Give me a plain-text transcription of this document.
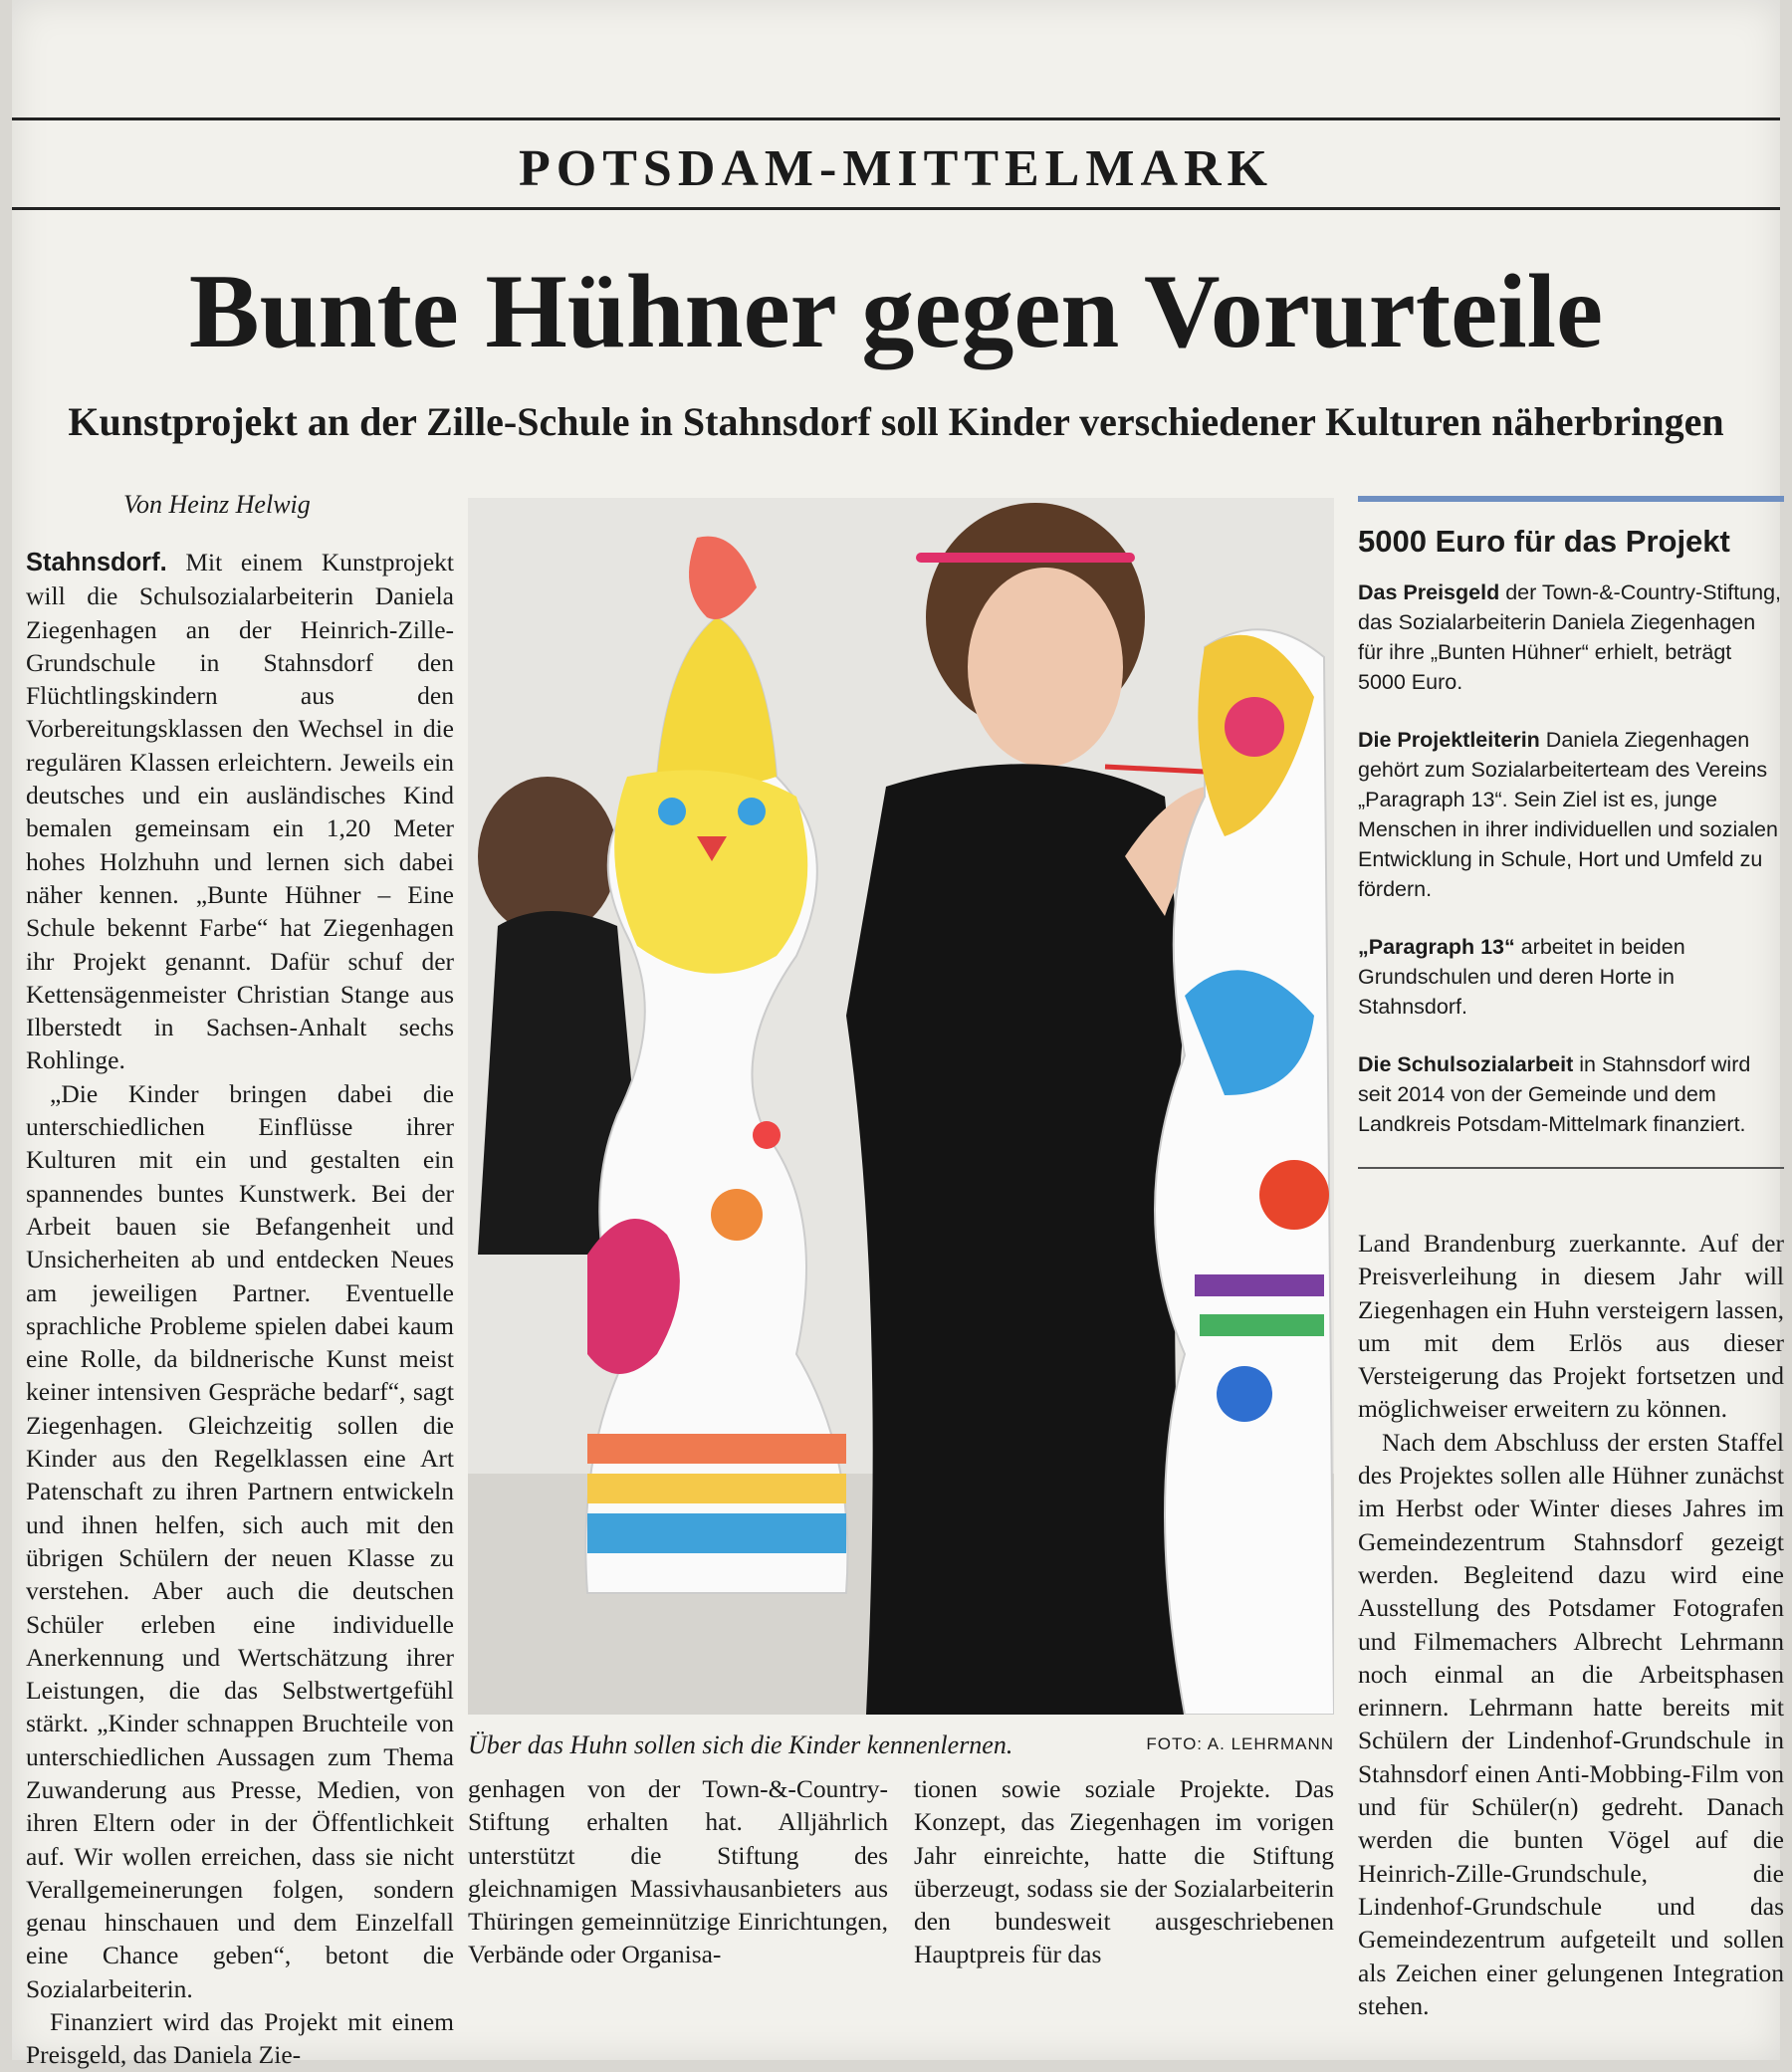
POTSDAM-MITTELMARK
Bunte Hühner gegen Vorurteile
Kunstprojekt an der Zille-Schule in Stahnsdorf soll Kinder verschiedener Kulturen näherbringen
Von Heinz Helwig

Stahnsdorf. Mit einem Kunstprojekt will die Schulsozialarbeiterin Daniela Ziegenhagen an der Heinrich-Zille-Grundschule in Stahnsdorf den Flüchtlingskindern aus den Vorbereitungsklassen den Wechsel in die regulären Klassen erleichtern. Jeweils ein deutsches und ein ausländisches Kind bemalen gemeinsam ein 1,20 Meter hohes Holzhuhn und lernen sich dabei näher kennen. „Bunte Hühner – Eine Schule bekennt Farbe“ hat Ziegenhagen ihr Projekt genannt. Dafür schuf der Kettensägenmeister Christian Stange aus Ilberstedt in Sachsen-Anhalt sechs Rohlinge.

„Die Kinder bringen dabei die unterschiedlichen Einflüsse ihrer Kulturen mit ein und gestalten ein spannendes buntes Kunstwerk. Bei der Arbeit bauen sie Befangenheit und Unsicherheiten ab und entdecken Neues am jeweiligen Partner. Eventuelle sprachliche Probleme spielen dabei kaum eine Rolle, da bildnerische Kunst meist keiner intensiven Gespräche bedarf“, sagt Ziegenhagen. Gleichzeitig sollen die Kinder aus den Regelklassen eine Art Patenschaft zu ihren Partnern entwickeln und ihnen helfen, sich auch mit den übrigen Schülern der neuen Klasse zu verstehen. Aber auch die deutschen Schüler erleben eine individuelle Anerkennung und Wertschätzung ihrer Leistungen, die das Selbstwertgefühl stärkt. „Kinder schnappen Bruchteile von unterschiedlichen Aussagen zum Thema Zuwanderung aus Presse, Medien, von ihren Eltern oder in der Öffentlichkeit auf. Wir wollen erreichen, dass sie nicht Verallgemeinerungen folgen, sondern genau hinschauen und dem Einzelfall eine Chance geben“, betont die Sozialarbeiterin.

Finanziert wird das Projekt mit einem Preisgeld, das Daniela Zie-

Über das Huhn sollen sich die Kinder kennenlernen.	FOTO: A. LEHRMANN

genhagen von der Town-&-Country-Stiftung erhalten hat. Alljährlich unterstützt die Stiftung des gleichnamigen Massivhausanbieters aus Thüringen gemeinnützige Einrichtungen, Verbände oder Organisa-

tionen sowie soziale Projekte. Das Konzept, das Ziegenhagen im vorigen Jahr einreichte, hatte die Stiftung überzeugt, sodass sie der Sozialarbeiterin den bundesweit ausgeschriebenen Hauptpreis für das

5000 Euro für das Projekt

Das Preisgeld der Town-&-Country-Stiftung, das Sozialarbeiterin Daniela Ziegenhagen für ihre „Bunten Hühner“ erhielt, beträgt 5000 Euro.

Die Projektleiterin Daniela Ziegenhagen gehört zum Sozialarbeiterteam des Vereins „Paragraph 13“. Sein Ziel ist es, junge Menschen in ihrer individuellen und sozialen Entwicklung in Schule, Hort und Umfeld zu fördern.

„Paragraph 13“ arbeitet in beiden Grundschulen und deren Horte in Stahnsdorf.

Die Schulsozialarbeit in Stahnsdorf wird seit 2014 von der Gemeinde und dem Landkreis Potsdam-Mittelmark finanziert.

Land Brandenburg zuerkannte. Auf der Preisverleihung in diesem Jahr will Ziegenhagen ein Huhn versteigern lassen, um mit dem Erlös aus dieser Versteigerung das Projekt fortsetzen und möglichweiser erweitern zu können.

Nach dem Abschluss der ersten Staffel des Projektes sollen alle Hühner zunächst im Herbst oder Winter dieses Jahres im Gemeindezentrum Stahnsdorf gezeigt werden. Begleitend dazu wird eine Ausstellung des Potsdamer Fotografen und Filmemachers Albrecht Lehrmann noch einmal an die Arbeitsphasen erinnern. Lehrmann hatte bereits mit Schülern der Lindenhof-Grundschule in Stahnsdorf einen Anti-Mobbing-Film von und für Schüler(n) gedreht. Danach werden die bunten Vögel auf die Heinrich-Zille-Grundschule, die Lindenhof-Grundschule und das Gemeindezentrum aufgeteilt und sollen als Zeichen einer gelungenen Integration stehen.
